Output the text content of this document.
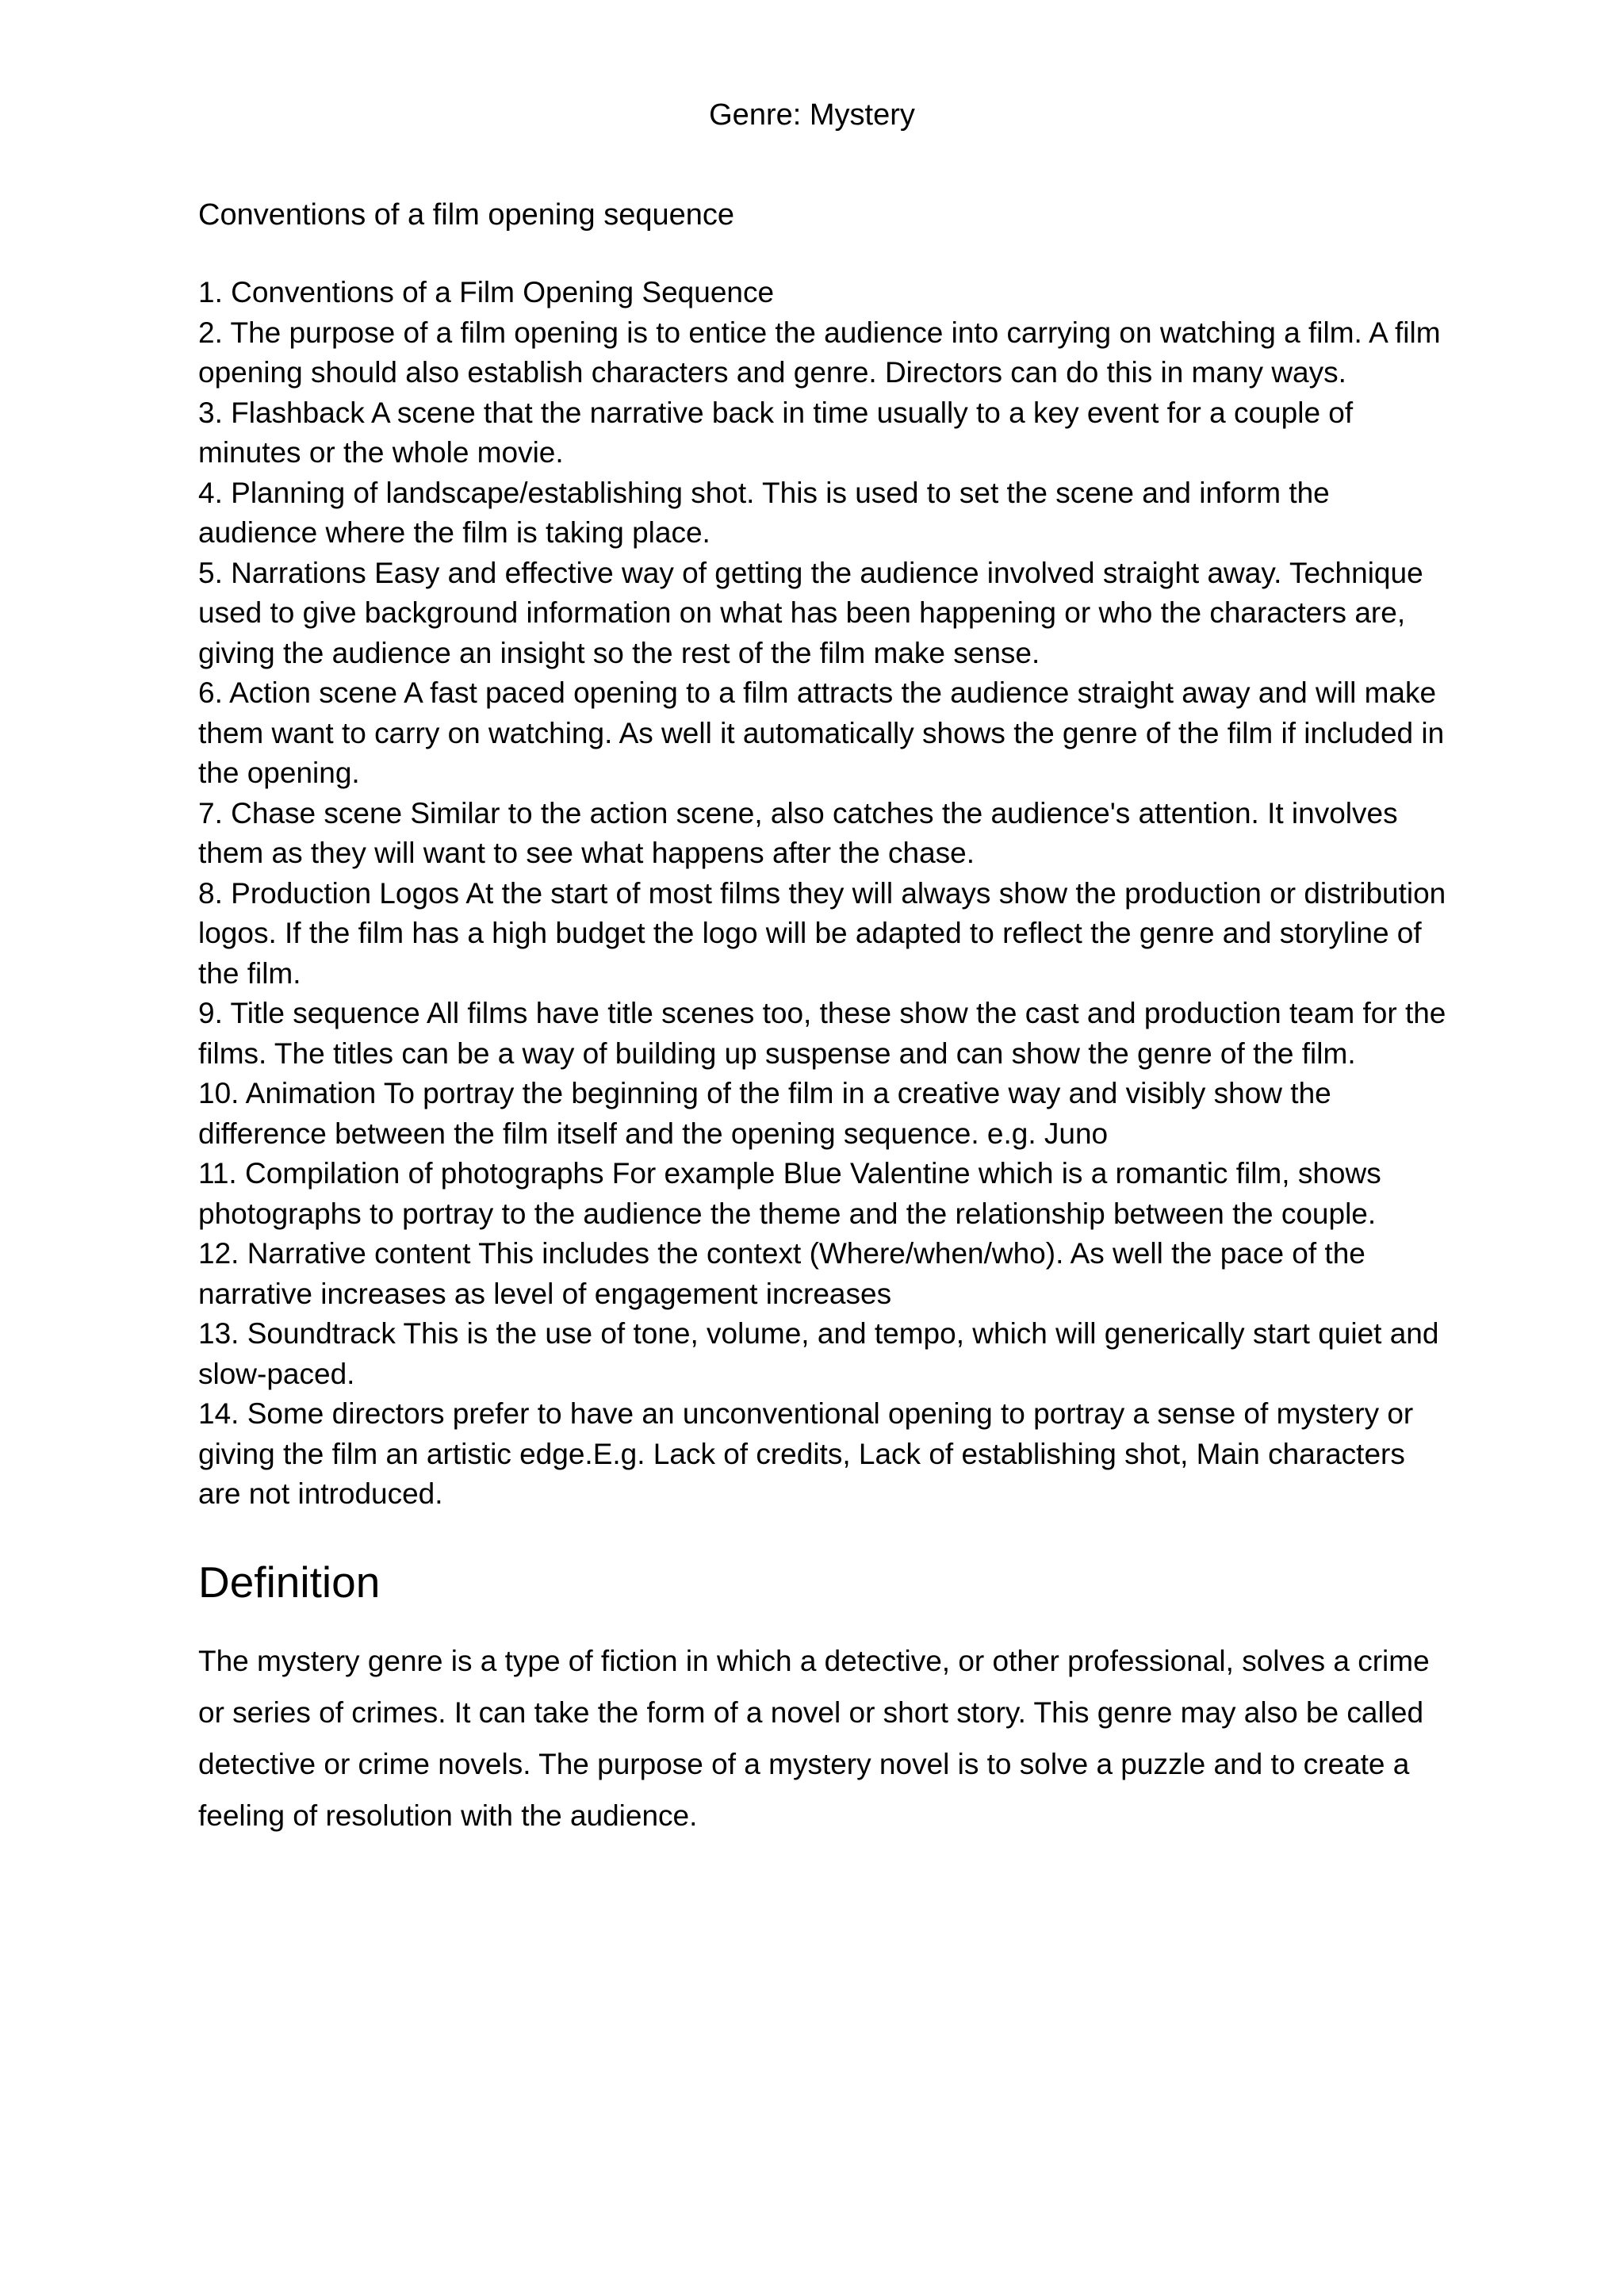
Genre: Mystery

Conventions of a film opening sequence

1. Conventions of a Film Opening Sequence
2. The purpose of a film opening is to entice the audience into carrying on watching a film. A film opening should also establish characters and genre. Directors can do this in many ways.
3. Flashback A scene that the narrative back in time usually to a key event for a couple of minutes or the whole movie.
4. Planning of landscape/establishing shot. This is used to set the scene and inform the audience where the film is taking place.
5. Narrations Easy and effective way of getting the audience involved straight away. Technique used to give background information on what has been happening or who the characters are, giving the audience an insight so the rest of the film make sense.
6. Action scene A fast paced opening to a film attracts the audience straight away and will make them want to carry on watching. As well it automatically shows the genre of the film if included in the opening.
7. Chase scene Similar to the action scene, also catches the audience's attention. It involves them as they will want to see what happens after the chase.
8. Production Logos At the start of most films they will always show the production or distribution logos. If the film has a high budget the logo will be adapted to reflect the genre and storyline of the film.
9. Title sequence All films have title scenes too, these show the cast and production team for the films. The titles can be a way of building up suspense and can show the genre of the film.
10. Animation To portray the beginning of the film in a creative way and visibly show the difference between the film itself and the opening sequence. e.g. Juno
11. Compilation of photographs For example Blue Valentine which is a romantic film, shows photographs to portray to the audience the theme and the relationship between the couple.
12. Narrative content This includes the context (Where/when/who). As well the pace of the narrative increases as level of engagement increases
13. Soundtrack This is the use of tone, volume, and tempo, which will generically start quiet and slow-paced.
14. Some directors prefer to have an unconventional opening to portray a sense of mystery or giving the film an artistic edge.E.g. Lack of credits, Lack of establishing shot, Main characters are not introduced.
Definition

The mystery genre is a type of fiction in which a detective, or other professional, solves a crime or series of crimes. It can take the form of a novel or short story. This genre may also be called detective or crime novels. The purpose of a mystery novel is to solve a puzzle and to create a feeling of resolution with the audience.
